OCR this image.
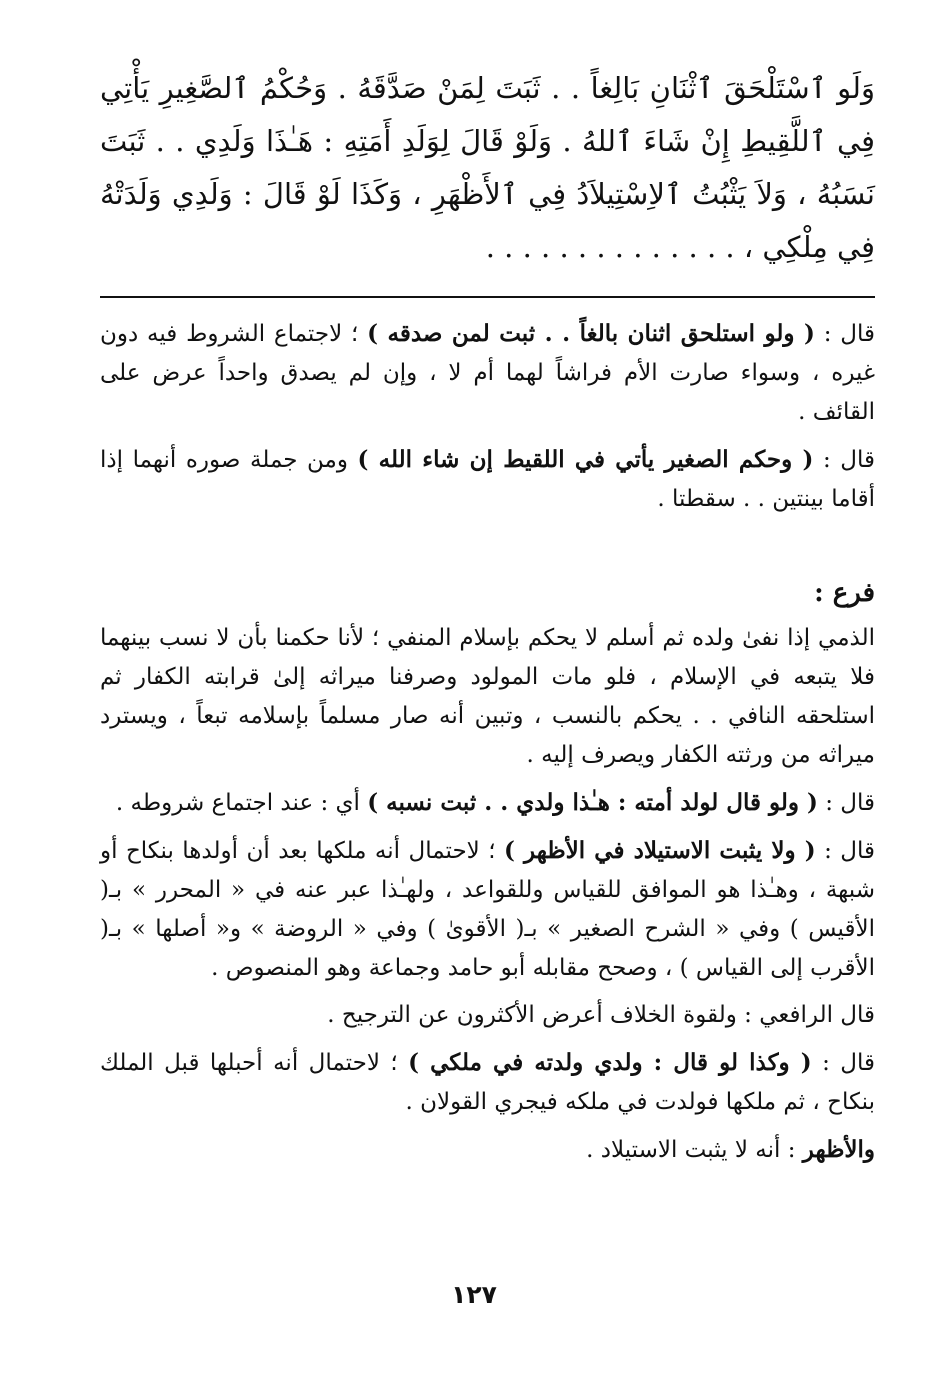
وَلَو ٱسْتَلْحَقَ ٱثْنَانِ بَالِغاً . . ثَبَتَ لِمَنْ صَدَّقَهُ . وَحُكْمُ ٱلصَّغِيرِ يَأْتِي فِي ٱللَّقِيطِ إِنْ شَاءَ ٱللهُ . وَلَوْ قَالَ لِوَلَدِ أَمَتِهِ : هَـٰذَا وَلَدِي . . ثَبَتَ نَسَبُهُ ، وَلاَ يَثْبُتُ ٱلاِسْتِيلاَدُ فِي ٱلأَظْهَرِ ، وَكَذَا لَوْ قَالَ : وَلَدِي وَلَدَتْهُ فِي مِلْكِي ، . . . . . . . . . . . . . .

قال : ( ولو استلحق اثنان بالغاً . . ثبت لمن صدقه ) ؛ لاجتماع الشروط فيه دون غيره ، وسواء صارت الأم فراشاً لهما أم لا ، وإن لم يصدق واحداً عرض على القائف .

قال : ( وحكم الصغير يأتي في اللقيط إن شاء الله ) ومن جملة صوره أنهما إذا أقاما بينتين . . سقطتا .

فرع :

الذمي إذا نفىٰ ولده ثم أسلم لا يحكم بإسلام المنفي ؛ لأنا حكمنا بأن لا نسب بينهما فلا يتبعه في الإسلام ، فلو مات المولود وصرفنا ميراثه إلىٰ قرابته الكفار ثم استلحقه النافي . . يحكم بالنسب ، وتبين أنه صار مسلماً بإسلامه تبعاً ، ويسترد ميراثه من ورثته الكفار ويصرف إليه .

قال : ( ولو قال لولد أمته : هـٰذا ولدي . . ثبت نسبه ) أي : عند اجتماع شروطه .

قال : ( ولا يثبت الاستيلاد في الأظهر ) ؛ لاحتمال أنه ملكها بعد أن أولدها بنكاح أو شبهة ، وهـٰذا هو الموافق للقياس وللقواعد ، ولهـٰذا عبر عنه في « المحرر » بـ( الأقيس ) وفي « الشرح الصغير » بـ( الأقوىٰ ) وفي « الروضة » و« أصلها » بـ( الأقرب إلى القياس ) ، وصحح مقابله أبو حامد وجماعة وهو المنصوص .

قال الرافعي : ولقوة الخلاف أعرض الأكثرون عن الترجيح .

قال : ( وكذا لو قال : ولدي ولدته في ملكي ) ؛ لاحتمال أنه أحبلها قبل الملك بنكاح ، ثم ملكها فولدت في ملكه فيجري القولان .

والأظهر : أنه لا يثبت الاستيلاد .

١٢٧
